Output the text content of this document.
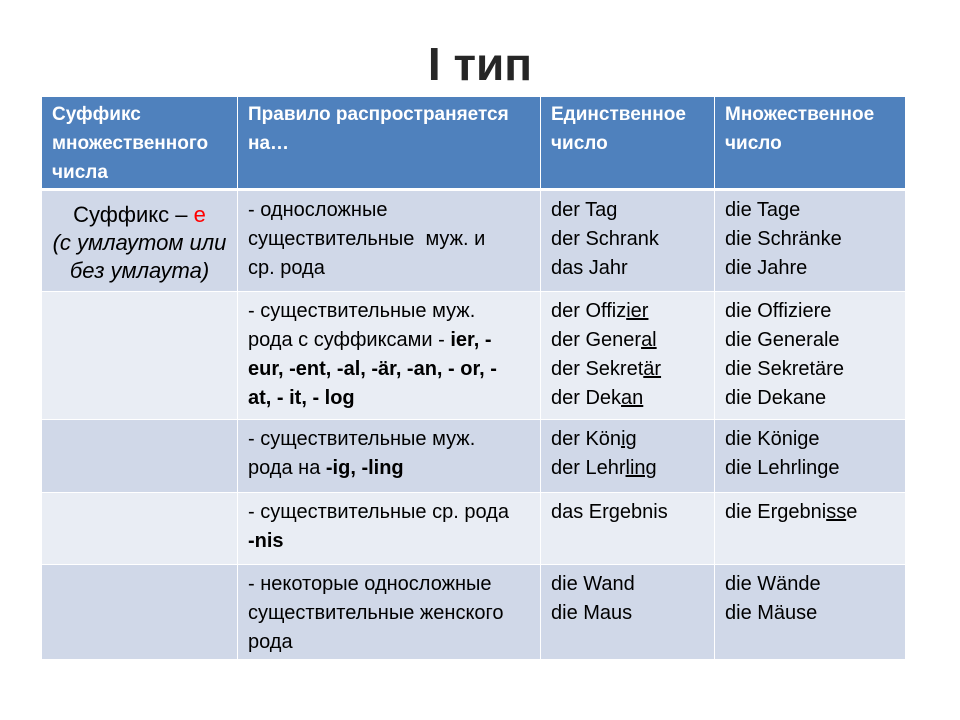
I тип
Суффикс
множественного
числа
Правило распространяется
на…
Единственное
число
Множественное
число
Суффикс – е
(с умлаутом или
без умлаута)
- односложные
существительные  муж. и
ср. рода
der Tag
der Schrank
das Jahr
die Tage
die Schränke
die Jahre
- существительные муж.
рода с суффиксами - ier, -
eur, -ent, -al, -är, -an, - or, -
at, - it, - log
der Offizier
der General
der Sekretär
der Dekan
die Offiziere
die Generale
die Sekretäre
die Dekane
- существительные муж.
рода на -ig, -ling
der König
der Lehrling
die Könige
die Lehrlinge
- существительные ср. рода
-nis
das Ergebnis	die Ergebnisse
- некоторые односложные
существительные женского
рода
die Wand
die Maus
die Wände
die Mäuse
